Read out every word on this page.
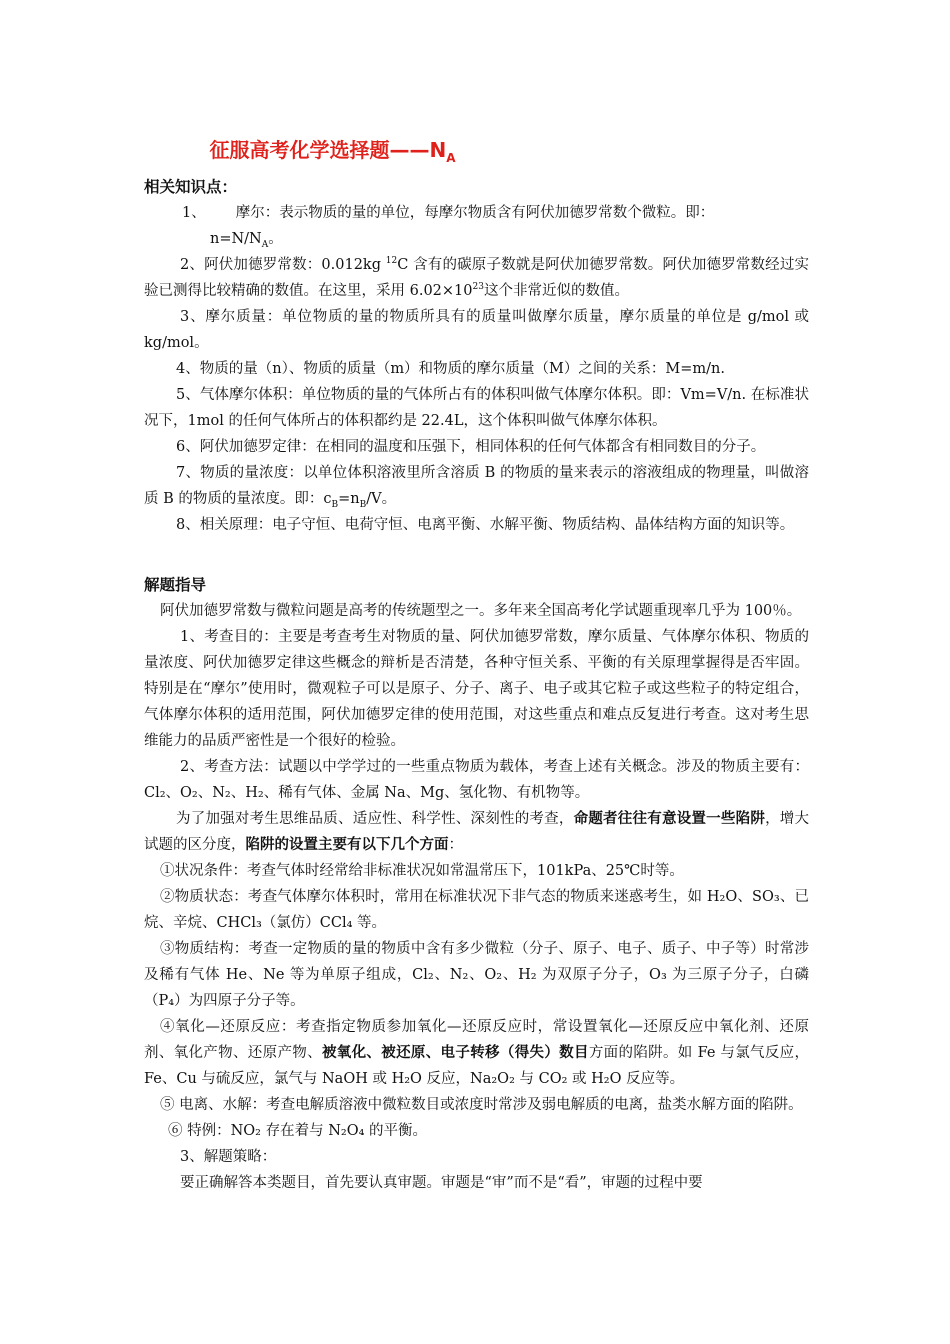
征服高考化学选择题$——N_A$
相关知识点：

1、 摩尔：表示物质的量的单位，每摩尔物质含有阿伏加德罗常数个微粒。即：

$n=N/N_A$。

2、阿伏加德罗常数：0.012kg $^{12}$C 含有的碳原子数就是阿伏加德罗常数。阿伏加德罗常数经过实验已测得比较精确的数值。在这里，采用 $6.02\times 10^{23}$这个非常近似的数值。

3、摩尔质量：单位物质的量的物质所具有的质量叫做摩尔质量，摩尔质量的单位是 g/mol 或 kg/mol。

4、物质的量（n）、物质的质量（m）和物质的摩尔质量（M）之间的关系：M=m/n.

5、气体摩尔体积：单位物质的量的气体所占有的体积叫做气体摩尔体积。即：Vm=V/n. 在标准状况下，1mol 的任何气体所占的体积都约是 22.4L，这个体积叫做气体摩尔体积。

6、阿伏加德罗定律：在相同的温度和压强下，相同体积的任何气体都含有相同数目的分子。

7、物质的量浓度：以单位体积溶液里所含溶质 B 的物质的量来表示的溶液组成的物理量，叫做溶质 B 的物质的量浓度。即：$c_B=n_B/V$。

8、相关原理：电子守恒、电荷守恒、电离平衡、水解平衡、物质结构、晶体结构方面的知识等。

解题指导

阿伏加德罗常数与微粒问题是高考的传统题型之一。多年来全国高考化学试题重现率几乎为 100％。

1、考查目的：主要是考查考生对物质的量、阿伏加德罗常数，摩尔质量、气体摩尔体积、物质的量浓度、阿伏加德罗定律这些概念的辩析是否清楚，各种守恒关系、平衡的有关原理掌握得是否牢固。特别是在“摩尔”使用时，微观粒子可以是原子、分子、离子、电子或其它粒子或这些粒子的特定组合，气体摩尔体积的适用范围，阿伏加德罗定律的使用范围，对这些重点和难点反复进行考查。这对考生思维能力的品质严密性是一个很好的检验。

2、考查方法：试题以中学学过的一些重点物质为载体，考查上述有关概念。涉及的物质主要有：Cl₂、O₂、N₂、H₂、稀有气体、金属 Na、Mg、氢化物、有机物等。

为了加强对考生思维品质、适应性、科学性、深刻性的考查，命题者往往有意设置一些陷阱，增大试题的区分度，陷阱的设置主要有以下几个方面：

①状况条件：考查气体时经常给非标准状况如常温常压下，101kPa、25℃时等。

②物质状态：考查气体摩尔体积时，常用在标准状况下非气态的物质来迷惑考生，如 H₂O、SO₃、已烷、辛烷、CHCl₃（氯仿）CCl₄ 等。

③物质结构：考查一定物质的量的物质中含有多少微粒（分子、原子、电子、质子、中子等）时常涉及稀有气体 He、Ne 等为单原子组成，Cl₂、N₂、O₂、H₂ 为双原子分子，O₃ 为三原子分子，白磷（P₄）为四原子分子等。

④氧化—还原反应：考查指定物质参加氧化—还原反应时，常设置氧化—还原反应中氧化剂、还原剂、氧化产物、还原产物、被氧化、被还原、电子转移（得失）数目方面的陷阱。如 Fe 与氯气反应，Fe、Cu 与硫反应，氯气与 NaOH 或 H₂O 反应，Na₂O₂ 与 CO₂ 或 H₂O 反应等。

⑤ 电离、水解：考查电解质溶液中微粒数目或浓度时常涉及弱电解质的电离，盐类水解方面的陷阱。

⑥ 特例：NO₂ 存在着与 N₂O₄ 的平衡。

3、解题策略：

要正确解答本类题目，首先要认真审题。审题是“审”而不是“看”，审题的过程中要
